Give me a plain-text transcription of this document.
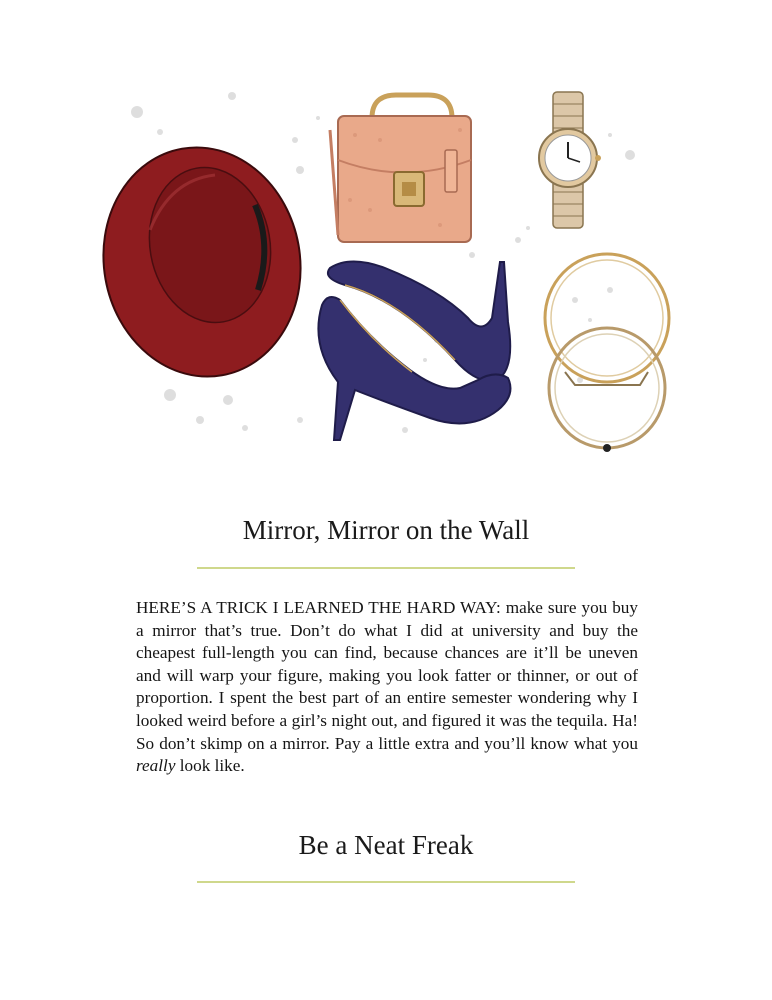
Mirror, Mirror on the Wall

HERE’S A TRICK I LEARNED THE HARD WAY: make sure you buy a mirror that’s true. Don’t do what I did at university and buy the cheapest full-length you can find, because chances are it’ll be uneven and will warp your figure, making you look fatter or thinner, or out of proportion. I spent the best part of an entire semester wondering why I looked weird before a girl’s night out, and figured it was the tequila. Ha! So don’t skimp on a mirror. Pay a little extra and you’ll know what you really look like.

Be a Neat Freak
